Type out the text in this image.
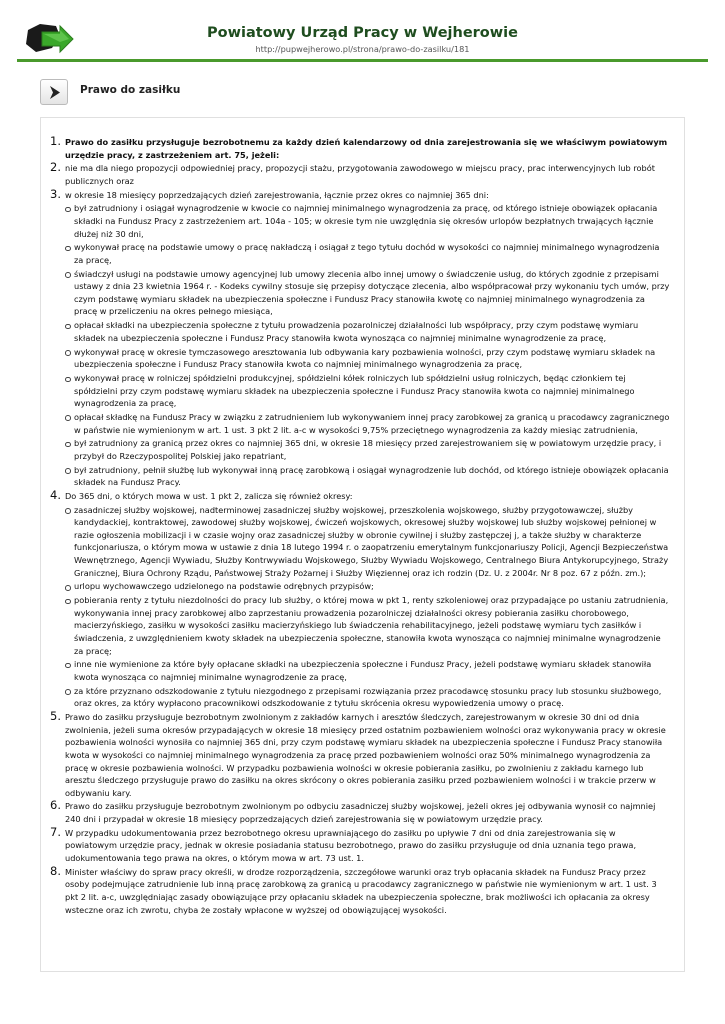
Powiatowy Urząd Pracy w Wejherowie
http://pupwejherowo.pl/strona/prawo-do-zasilku/181
Prawo do zasiłku
1. Prawo do zasiłku przysługuje bezrobotnemu za każdy dzień kalendarzowy od dnia zarejestrowania się we właściwym powiatowym urzędzie pracy, z zastrzeżeniem art. 75, jeżeli:
2. nie ma dla niego propozycji odpowiedniej pracy, propozycji stażu, przygotowania zawodowego w miejscu pracy, prac interwencyjnych lub robót publicznych oraz
3. w okresie 18 miesięcy poprzedzających dzień zarejestrowania, łącznie przez okres co najmniej 365 dni:
był zatrudniony i osiągał wynagrodzenie w kwocie co najmniej minimalnego wynagrodzenia za pracę, od którego istnieje obowiązek opłacania składki na Fundusz Pracy z zastrzeżeniem art. 104a - 105; w okresie tym nie uwzględnia się okresów urlopów bezpłatnych trwających łącznie dłużej niż 30 dni,
wykonywał pracę na podstawie umowy o pracę nakładczą i osiągał z tego tytułu dochód w wysokości co najmniej minimalnego wynagrodzenia za pracę,
świadczył usługi na podstawie umowy agencyjnej lub umowy zlecenia albo innej umowy o świadczenie usług, do których zgodnie z przepisami ustawy z dnia 23 kwietnia 1964 r. - Kodeks cywilny stosuje się przepisy dotyczące zlecenia, albo współpracował przy wykonaniu tych umów, przy czym podstawę wymiaru składek na ubezpieczenia społeczne i Fundusz Pracy stanowiła kwotę co najmniej minimalnego wynagrodzenia za pracę w przeliczeniu na okres pełnego miesiąca,
opłacał składki na ubezpieczenia społeczne z tytułu prowadzenia pozarolniczej działalności lub współpracy, przy czym podstawę wymiaru składek na ubezpieczenia społeczne i Fundusz Pracy stanowiła kwota wynosząca co najmniej minimalne wynagrodzenie za pracę,
wykonywał pracę w okresie tymczasowego aresztowania lub odbywania kary pozbawienia wolności, przy czym podstawę wymiaru składek na ubezpieczenia społeczne i Fundusz Pracy stanowiła kwota co najmniej minimalnego wynagrodzenia za pracę,
wykonywał pracę w rolniczej spółdzielni produkcyjnej, spółdzielni kółek rolniczych lub spółdzielni usług rolniczych, będąc członkiem tej spółdzielni przy czym podstawę wymiaru składek na ubezpieczenia społeczne i Fundusz Pracy stanowiła kwota co najmniej minimalnego wynagrodzenia za pracę,
opłacał składkę na Fundusz Pracy w związku z zatrudnieniem lub wykonywaniem innej pracy zarobkowej za granicą u pracodawcy zagranicznego w państwie nie wymienionym w art. 1 ust. 3 pkt 2 lit. a-c w wysokości 9,75% przeciętnego wynagrodzenia za każdy miesiąc zatrudnienia,
był zatrudniony za granicą przez okres co najmniej 365 dni, w okresie 18 miesięcy przed zarejestrowaniem się w powiatowym urzędzie pracy, i przybył do Rzeczypospolitej Polskiej jako repatriant,
był zatrudniony, pełnił służbę lub wykonywał inną pracę zarobkową i osiągał wynagrodzenie lub dochód, od którego istnieje obowiązek opłacania składek na Fundusz Pracy.
4. Do 365 dni, o których mowa w ust. 1 pkt 2, zalicza się również okresy:
zasadniczej służby wojskowej, nadterminowej zasadniczej służby wojskowej, przeszkolenia wojskowego, służby przygotowawczej, służby kandydackiej, kontraktowej, zawodowej służby wojskowej, ćwiczeń wojskowych, okresowej służby wojskowej lub służby wojskowej pełnionej w razie ogłoszenia mobilizacji i w czasie wojny oraz zasadniczej służby w obronie cywilnej i służby zastępczej j, a także służby w charakterze funkcjonariusza, o którym mowa w ustawie z dnia 18 lutego 1994 r. o zaopatrzeniu emerytalnym funkcjonariuszy Policji, Agencji Bezpieczeństwa Wewnętrznego, Agencji Wywiadu, Służby Kontrwywiadu Wojskowego, Służby Wywiadu Wojskowego, Centralnego Biura Antykorupcyjnego, Straży Granicznej, Biura Ochrony Rządu, Państwowej Straży Pożarnej i Służby Więziennej oraz ich rodzin (Dz. U. z 2004r. Nr 8 poz. 67 z późn. zm.);
urlopu wychowawczego udzielonego na podstawie odrębnych przypisów;
pobierania renty z tytułu niezdolności do pracy lub służby, o której mowa w pkt 1, renty szkoleniowej oraz przypadające po ustaniu zatrudnienia, wykonywania innej pracy zarobkowej albo zaprzestaniu prowadzenia pozarolniczej działalności okresy pobierania zasiłku chorobowego, macierzyńskiego, zasiłku w wysokości zasiłku macierzyńskiego lub świadczenia rehabilitacyjnego, jeżeli podstawę wymiaru tych zasiłków i świadczenia, z uwzględnieniem kwoty składek na ubezpieczenia społeczne, stanowiła kwota wynosząca co najmniej minimalne wynagrodzenie za pracę;
inne nie wymienione za które były opłacane składki na ubezpieczenia społeczne i Fundusz Pracy, jeżeli podstawę wymiaru składek stanowiła kwota wynosząca co najmniej minimalne wynagrodzenie za pracę,
za które przyznano odszkodowanie z tytułu niezgodnego z przepisami rozwiązania przez pracodawcę stosunku pracy lub stosunku służbowego, oraz okres, za który wypłacono pracownikowi odszkodowanie z tytułu skrócenia okresu wypowiedzenia umowy o pracę.
5. Prawo do zasiłku przysługuje bezrobotnym zwolnionym z zakładów karnych i aresztów śledczych, zarejestrowanym w okresie 30 dni od dnia zwolnienia, jeżeli suma okresów przypadających w okresie 18 miesięcy przed ostatnim pozbawieniem wolności oraz wykonywania pracy w okresie pozbawienia wolności wynosiła co najmniej 365 dni, przy czym podstawę wymiaru składek na ubezpieczenia społeczne i Fundusz Pracy stanowiła kwota w wysokości co najmniej minimalnego wynagrodzenia za pracę przed pozbawieniem wolności oraz 50% minimalnego wynagrodzenia za pracę w okresie pozbawienia wolności. W przypadku pozbawienia wolności w okresie pobierania zasiłku, po zwolnieniu z zakładu karnego lub aresztu śledczego przysługuje prawo do zasiłku na okres skrócony o okres pobierania zasiłku przed pozbawieniem wolności i w trakcie przerw w odbywaniu kary.
6. Prawo do zasiłku przysługuje bezrobotnym zwolnionym po odbyciu zasadniczej służby wojskowej, jeżeli okres jej odbywania wynosił co najmniej 240 dni i przypadał w okresie 18 miesięcy poprzedzających dzień zarejestrowania się w powiatowym urzędzie pracy.
7. W przypadku udokumentowania przez bezrobotnego okresu uprawniającego do zasiłku po upływie 7 dni od dnia zarejestrowania się w powiatowym urzędzie pracy, jednak w okresie posiadania statusu bezrobotnego, prawo do zasiłku przysługuje od dnia uznania tego prawa, udokumentowania tego prawa na okres, o którym mowa w art. 73 ust. 1.
8. Minister właściwy do spraw pracy określi, w drodze rozporządzenia, szczegółowe warunki oraz tryb opłacania składek na Fundusz Pracy przez osoby podejmujące zatrudnienie lub inną pracę zarobkową za granicą u pracodawcy zagranicznego w państwie nie wymienionym w art. 1 ust. 3 pkt 2 lit. a-c, uwzględniając zasady obowiązujące przy opłacaniu składek na ubezpieczenia społeczne, brak możliwości ich opłacania za okresy wsteczne oraz ich zwrotu, chyba że zostały wpłacone w wyższej od obowiązującej wysokości.
